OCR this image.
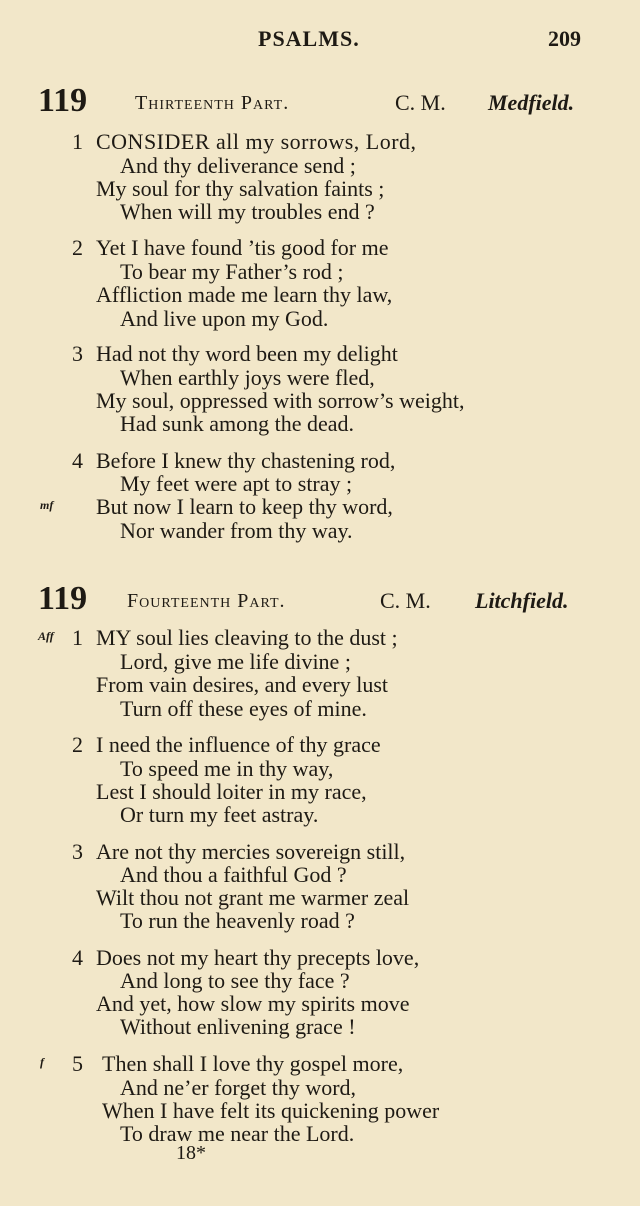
PSALMS.	209
119 Thirteenth Part.	C. M. Medfield.
1 CONSIDER all my sorrows, Lord,
And thy deliverance send ;
My soul for thy salvation faints ;
When will my troubles end ?
2 Yet I have found ’tis good for me
To bear my Father’s rod ;
Affliction made me learn thy law,
And live upon my God.
3 Had not thy word been my delight
When earthly joys were fled,
My soul, oppressed with sorrow’s weight,
Had sunk among the dead.
4 Before I knew thy chastening rod,
My feet were apt to stray ;
mf But now I learn to keep thy word,
Nor wander from thy way.
119 Fourteenth Part.	C. M. Litchfield.
Aff 1 MY soul lies cleaving to the dust ;
Lord, give me life divine ;
From vain desires, and every lust
Turn off these eyes of mine.
2 I need the influence of thy grace
To speed me in thy way,
Lest I should loiter in my race,
Or turn my feet astray.
3 Are not thy mercies sovereign still,
And thou a faithful God ?
Wilt thou not grant me warmer zeal
To run the heavenly road ?
4 Does not my heart thy precepts love,
And long to see thy face ?
And yet, how slow my spirits move
Without enlivening grace !
f 5 Then shall I love thy gospel more,
And ne’er forget thy word,
When I have felt its quickening power
To draw me near the Lord.
18*
